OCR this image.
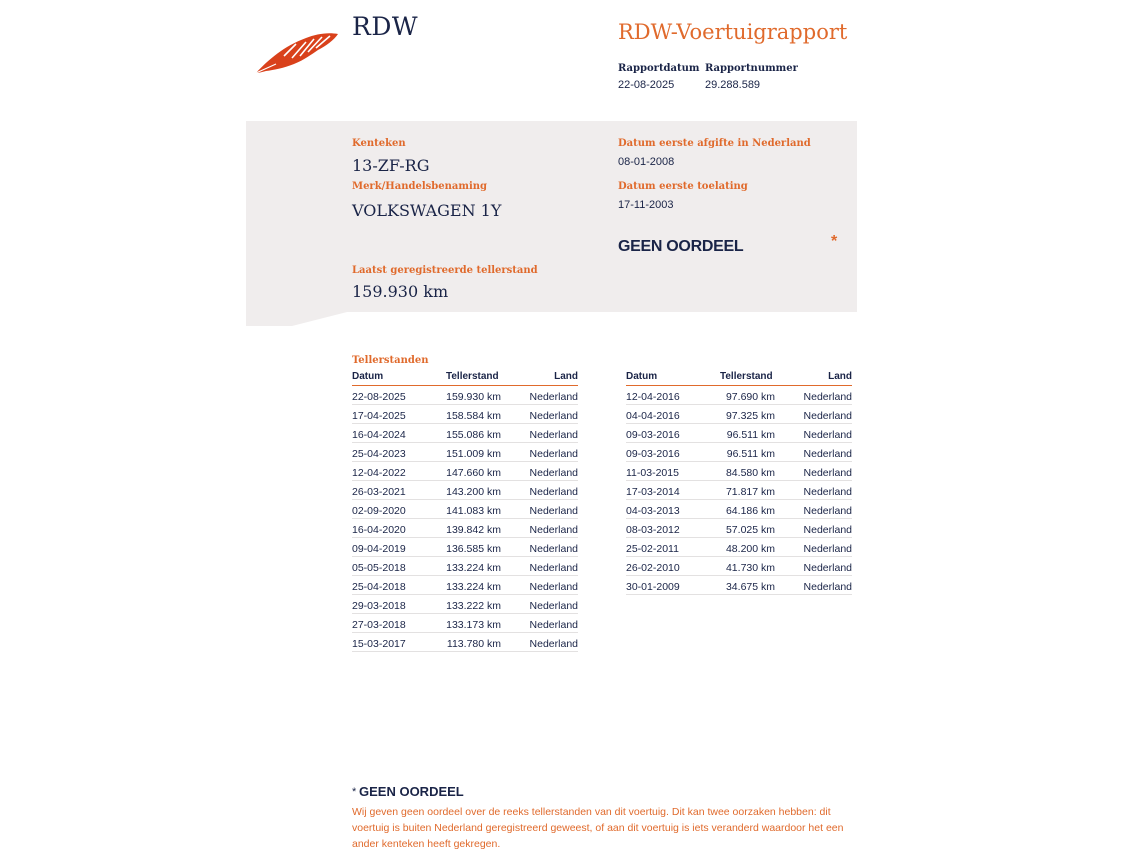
RDW	RDW-Voertuigrapport
Rapportdatum
22-08-2025
Rapportnummer
29.288.589
Kenteken
13-ZF-RG
Merk/Handelsbenaming
VOLKSWAGEN 1Y
Datum eerste afgifte in Nederland
08-01-2008
Datum eerste toelating
17-11-2003
GEEN OORDEEL	*
Laatst geregistreerde tellerstand
159.930 km
Tellerstanden
Datum	Tellerstand	Land
22-08-2025	159.930 km	Nederland
17-04-2025	158.584 km	Nederland
16-04-2024	155.086 km	Nederland
25-04-2023	151.009 km	Nederland
12-04-2022	147.660 km	Nederland
26-03-2021	143.200 km	Nederland
02-09-2020	141.083 km	Nederland
16-04-2020	139.842 km	Nederland
09-04-2019	136.585 km	Nederland
05-05-2018	133.224 km	Nederland
25-04-2018	133.224 km	Nederland
29-03-2018	133.222 km	Nederland
27-03-2018	133.173 km	Nederland
15-03-2017	113.780 km	Nederland
Datum	Tellerstand	Land
12-04-2016	97.690 km	Nederland
04-04-2016	97.325 km	Nederland
09-03-2016	96.511 km	Nederland
09-03-2016	96.511 km	Nederland
11-03-2015	84.580 km	Nederland
17-03-2014	71.817 km	Nederland
04-03-2013	64.186 km	Nederland
08-03-2012	57.025 km	Nederland
25-02-2011	48.200 km	Nederland
26-02-2010	41.730 km	Nederland
30-01-2009	34.675 km	Nederland
* GEEN OORDEEL
Wij geven geen oordeel over de reeks tellerstanden van dit voertuig. Dit kan twee oorzaken hebben: dit voertuig is buiten Nederland geregistreerd geweest, of aan dit voertuig is iets veranderd waardoor het een ander kenteken heeft gekregen.
